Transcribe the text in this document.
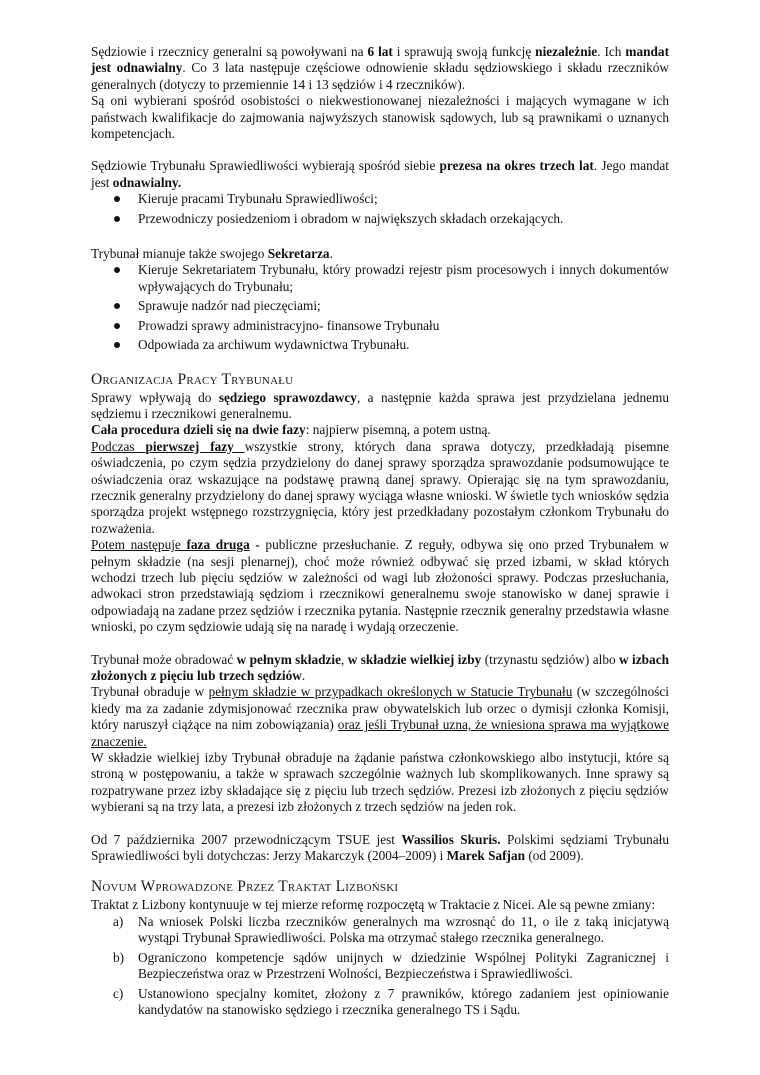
Sędziowie i rzecznicy generalni są powoływani na 6 lat i sprawują swoją funkcję niezależnie. Ich mandat jest odnawialny. Co 3 lata następuje częściowe odnowienie składu sędziowskiego i składu rzeczników generalnych (dotyczy to przemiennie 14 i 13 sędziów i 4 rzeczników).

Są oni wybierani spośród osobistości o niekwestionowanej niezależności i mających wymagane w ich państwach kwalifikacje do zajmowania najwyższych stanowisk sądowych, lub są prawnikami o uznanych kompetencjach.

Sędziowie Trybunału Sprawiedliwości wybierają spośród siebie prezesa na okres trzech lat. Jego mandat jest odnawialny.

Kieruje pracami Trybunału Sprawiedliwości;
Przewodniczy posiedzeniom i obradom w największych składach orzekających.

Trybunał mianuje także swojego Sekretarza.

Kieruje Sekretariatem Trybunału, który prowadzi rejestr pism procesowych i innych dokumentów wpływających do Trybunału;
Sprawuje nadzór nad pieczęciami;
Prowadzi sprawy administracyjno- finansowe Trybunału
Odpowiada za archiwum wydawnictwa Trybunału.
Organizacja Pracy Trybunału

Sprawy wpływają do sędziego sprawozdawcy, a następnie każda sprawa jest przydzielana jednemu sędziemu i rzecznikowi generalnemu.

Cała procedura dzieli się na dwie fazy: najpierw pisemną, a potem ustną.

Podczas pierwszej fazy wszystkie strony, których dana sprawa dotyczy, przedkładają pisemne oświadczenia, po czym sędzia przydzielony do danej sprawy sporządza sprawozdanie podsumowujące te oświadczenia oraz wskazujące na podstawę prawną danej sprawy. Opierając się na tym sprawozdaniu, rzecznik generalny przydzielony do danej sprawy wyciąga własne wnioski. W świetle tych wniosków sędzia sporządza projekt wstępnego rozstrzygnięcia, który jest przedkładany pozostałym członkom Trybunału do rozważenia.

Potem następuje faza druga - publiczne przesłuchanie. Z reguły, odbywa się ono przed Trybunałem w pełnym składzie (na sesji plenarnej), choć może również odbywać się przed izbami, w skład których wchodzi trzech lub pięciu sędziów w zależności od wagi lub złożoności sprawy. Podczas przesłuchania, adwokaci stron przedstawiają sędziom i rzecznikowi generalnemu swoje stanowisko w danej sprawie i odpowiadają na zadane przez sędziów i rzecznika pytania. Następnie rzecznik generalny przedstawia własne wnioski, po czym sędziowie udają się na naradę i wydają orzeczenie.

Trybunał może obradować w pełnym składzie, w składzie wielkiej izby (trzynastu sędziów) albo w izbach złożonych z pięciu lub trzech sędziów.

Trybunał obraduje w pełnym składzie w przypadkach określonych w Statucie Trybunału (w szczególności kiedy ma za zadanie zdymisjonować rzecznika praw obywatelskich lub orzec o dymisji członka Komisji, który naruszył ciążące na nim zobowiązania) oraz jeśli Trybunał uzna, że wniesiona sprawa ma wyjątkowe znaczenie.

W składzie wielkiej izby Trybunał obraduje na żądanie państwa członkowskiego albo instytucji, które są stroną w postępowaniu, a także w sprawach szczególnie ważnych lub skomplikowanych. Inne sprawy są rozpatrywane przez izby składające się z pięciu lub trzech sędziów. Prezesi izb złożonych z pięciu sędziów wybierani są na trzy lata, a prezesi izb złożonych z trzech sędziów na jeden rok.

Od 7 października 2007 przewodniczącym TSUE jest Wassilios Skuris. Polskimi sędziami Trybunału Sprawiedliwości byli dotychczas: Jerzy Makarczyk (2004–2009) i Marek Safjan (od 2009).

Novum Wprowadzone Przez Traktat Lizboński

Traktat z Lizbony kontynuuje w tej mierze reformę rozpoczętą w Traktacie z Nicei. Ale są pewne zmiany:

a) Na wniosek Polski liczba rzeczników generalnych ma wzrosnąć do 11, o ile z taką inicjatywą wystąpi Trybunał Sprawiedliwości. Polska ma otrzymać stałego rzecznika generalnego.
b) Ograniczono kompetencje sądów unijnych w dziedzinie Wspólnej Polityki Zagranicznej i Bezpieczeństwa oraz w Przestrzeni Wolności, Bezpieczeństwa i Sprawiedliwości.
c) Ustanowiono specjalny komitet, złożony z 7 prawników, którego zadaniem jest opiniowanie kandydatów na stanowisko sędziego i rzecznika generalnego TS i Sądu.
